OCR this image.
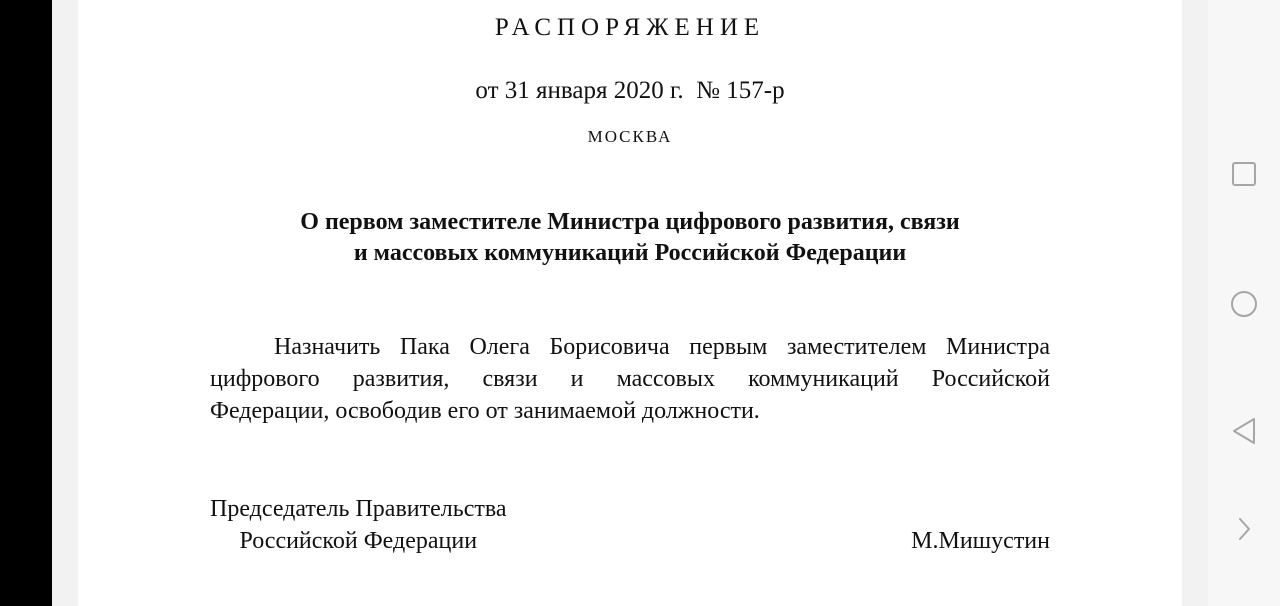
РАСПОРЯЖЕНИЕ
от 31 января 2020 г.  № 157-р
МОСКВА
О первом заместителе Министра цифрового развития, связи
и массовых коммуникаций Российской Федерации
Назначить Пака Олега Борисовича первым заместителем Министра
цифрового развития, связи и массовых коммуникаций Российской
Федерации, освободив его от занимаемой должности.
Председатель Правительства
Российской Федерации	М.Мишустин
